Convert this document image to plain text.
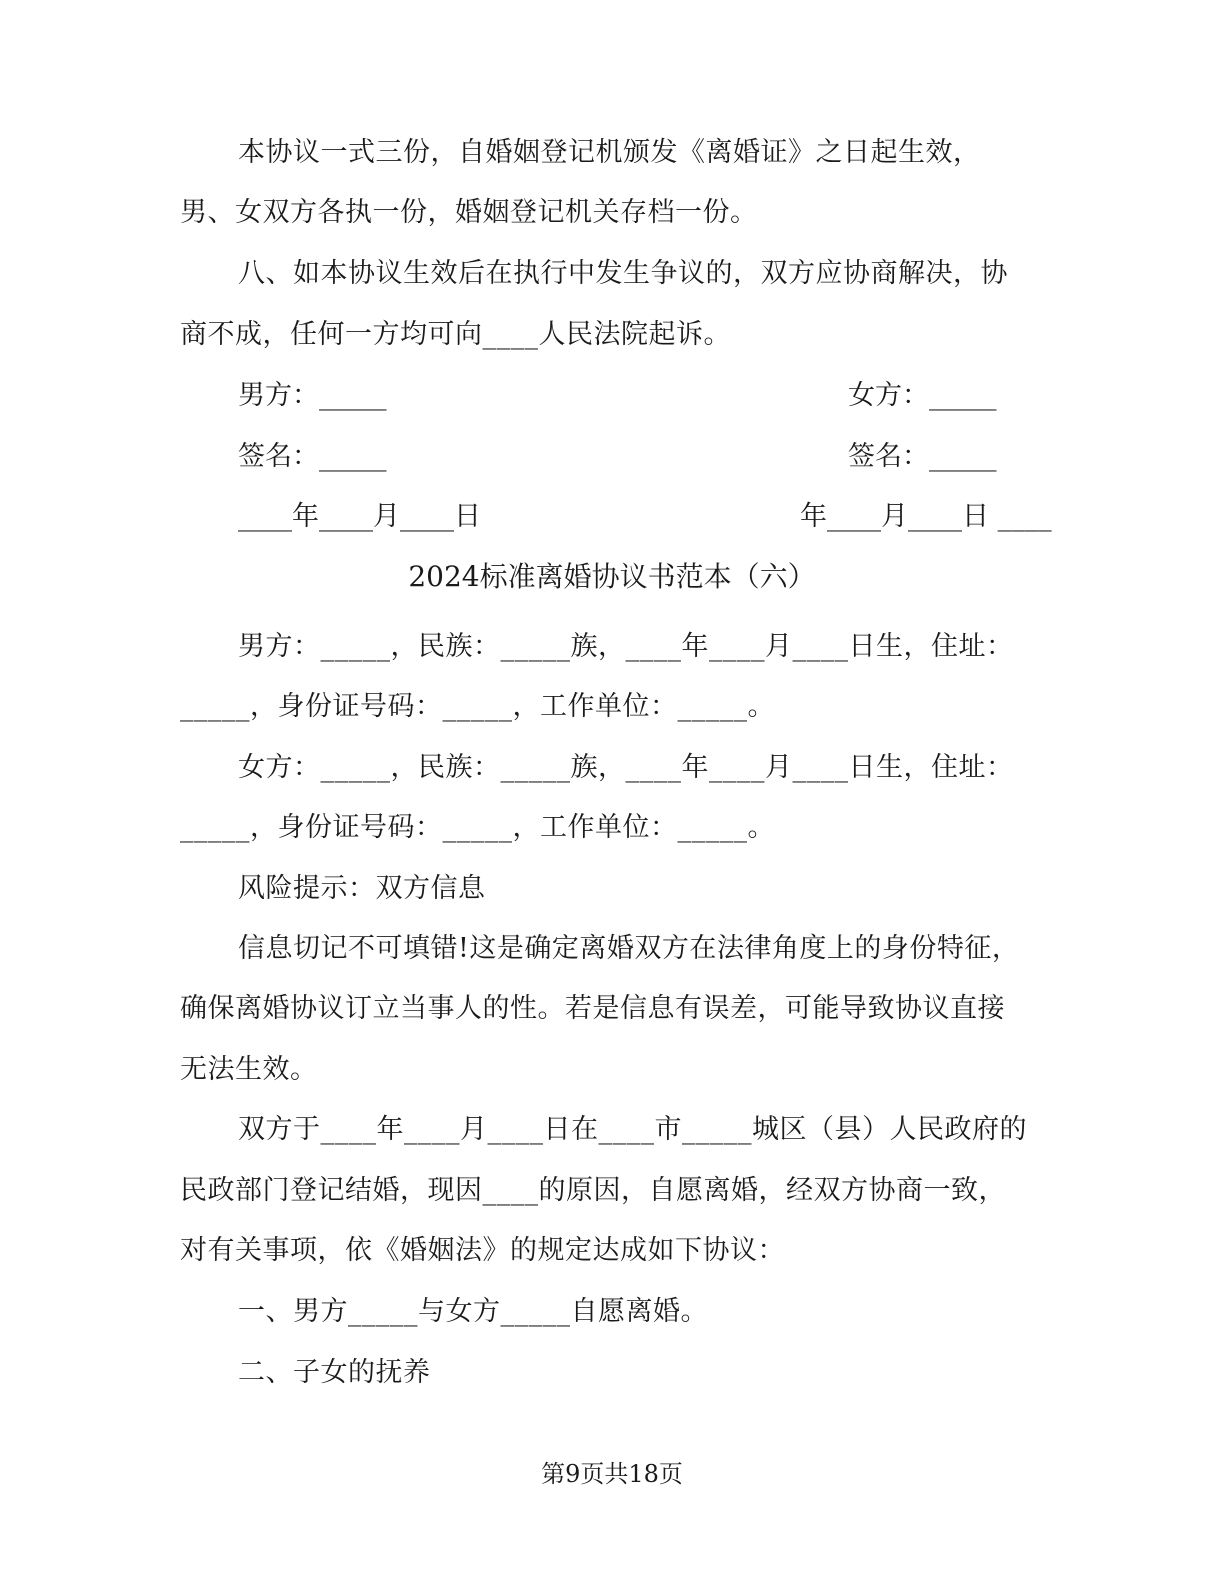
本协议一式三份，自婚姻登记机颁发《离婚证》之日起生效，
男、女双方各执一份，婚姻登记机关存档一份。
八、如本协议生效后在执行中发生争议的，双方应协商解决，协
商不成，任何一方均可向____人民法院起诉。
男方：_____	女方：_____
签名：_____	签名：_____
____年____月____日	年____月____日 ____
2024标准离婚协议书范本（六）
男方：_____，民族：_____族，____年____月____日生，住址：
_____，身份证号码：_____，工作单位：_____。
女方：_____，民族：_____族，____年____月____日生，住址：
_____，身份证号码：_____，工作单位：_____。
风险提示：双方信息
信息切记不可填错!这是确定离婚双方在法律角度上的身份特征，
确保离婚协议订立当事人的性。若是信息有误差，可能导致协议直接
无法生效。
双方于____年____月____日在____市_____城区（县）人民政府的
民政部门登记结婚，现因____的原因，自愿离婚，经双方协商一致，
对有关事项，依《婚姻法》的规定达成如下协议：
一、男方_____与女方_____自愿离婚。
二、子女的抚养
第9页共18页
